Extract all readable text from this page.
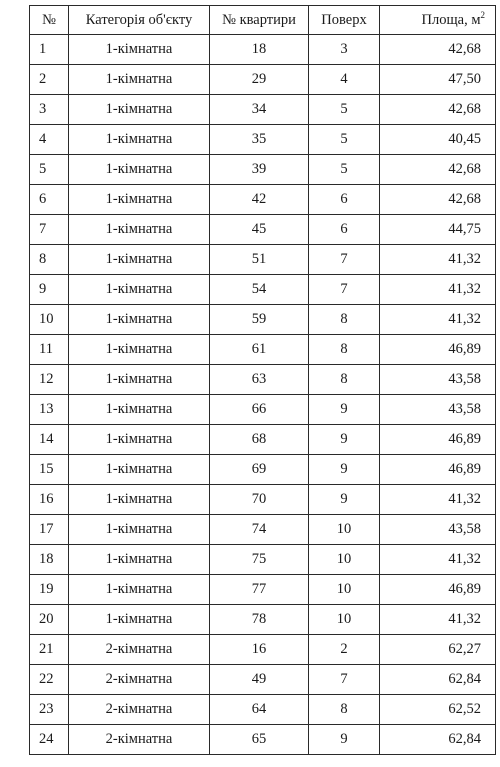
№	Категорія об'єкту	№ квартири	Поверх	Площа, $м^2$
1	1-кімнатна	18	3	42,68
2	1-кімнатна	29	4	47,50
3	1-кімнатна	34	5	42,68
4	1-кімнатна	35	5	40,45
5	1-кімнатна	39	5	42,68
6	1-кімнатна	42	6	42,68
7	1-кімнатна	45	6	44,75
8	1-кімнатна	51	7	41,32
9	1-кімнатна	54	7	41,32
10	1-кімнатна	59	8	41,32
11	1-кімнатна	61	8	46,89
12	1-кімнатна	63	8	43,58
13	1-кімнатна	66	9	43,58
14	1-кімнатна	68	9	46,89
15	1-кімнатна	69	9	46,89
16	1-кімнатна	70	9	41,32
17	1-кімнатна	74	10	43,58
18	1-кімнатна	75	10	41,32
19	1-кімнатна	77	10	46,89
20	1-кімнатна	78	10	41,32
21	2-кімнатна	16	2	62,27
22	2-кімнатна	49	7	62,84
23	2-кімнатна	64	8	62,52
24	2-кімнатна	65	9	62,84
